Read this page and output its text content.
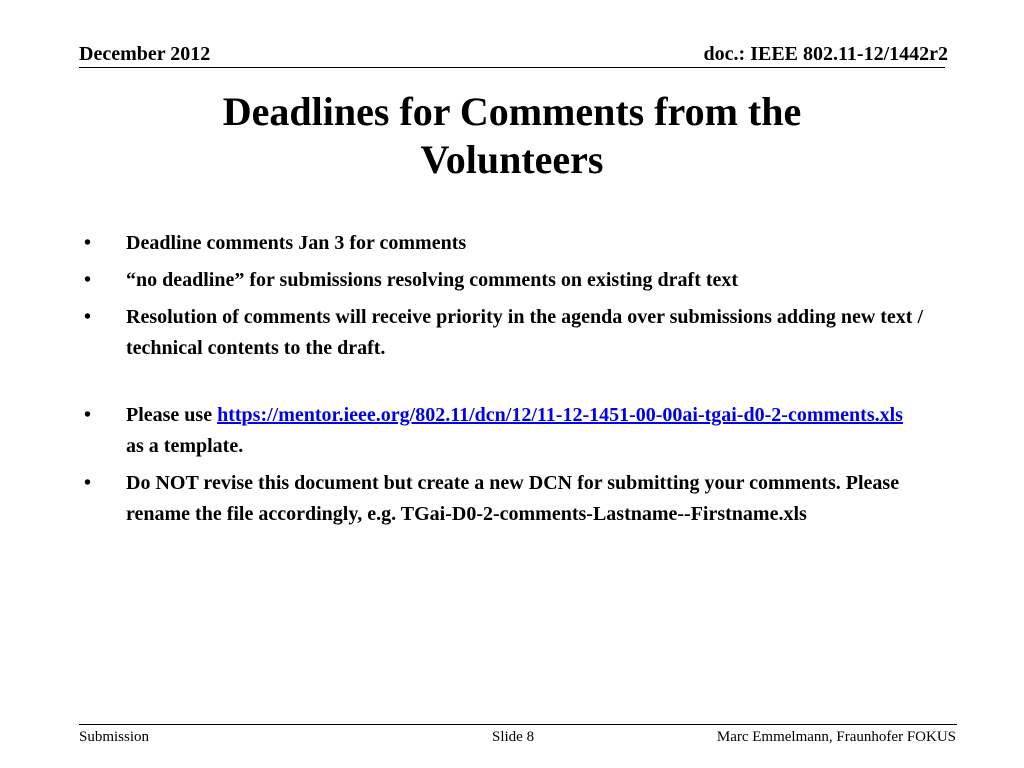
December 2012	doc.: IEEE 802.11-12/1442r2
Deadlines for Comments from the
Volunteers
• Deadline comments Jan 3 for comments
• “no deadline” for submissions resolving comments on existing draft text
• Resolution of comments will receive priority in the agenda over submissions adding new text / technical contents to the draft.
• Please use https://mentor.ieee.org/802.11/dcn/12/11-12-1451-00-00ai-tgai-d0-2-comments.xls
as a template.
• Do NOT revise this document but create a new DCN for submitting your comments. Please rename the file accordingly, e.g. TGai-D0-2-comments-Lastname--Firstname.xls
Submission	Slide 8	Marc Emmelmann, Fraunhofer FOKUS
